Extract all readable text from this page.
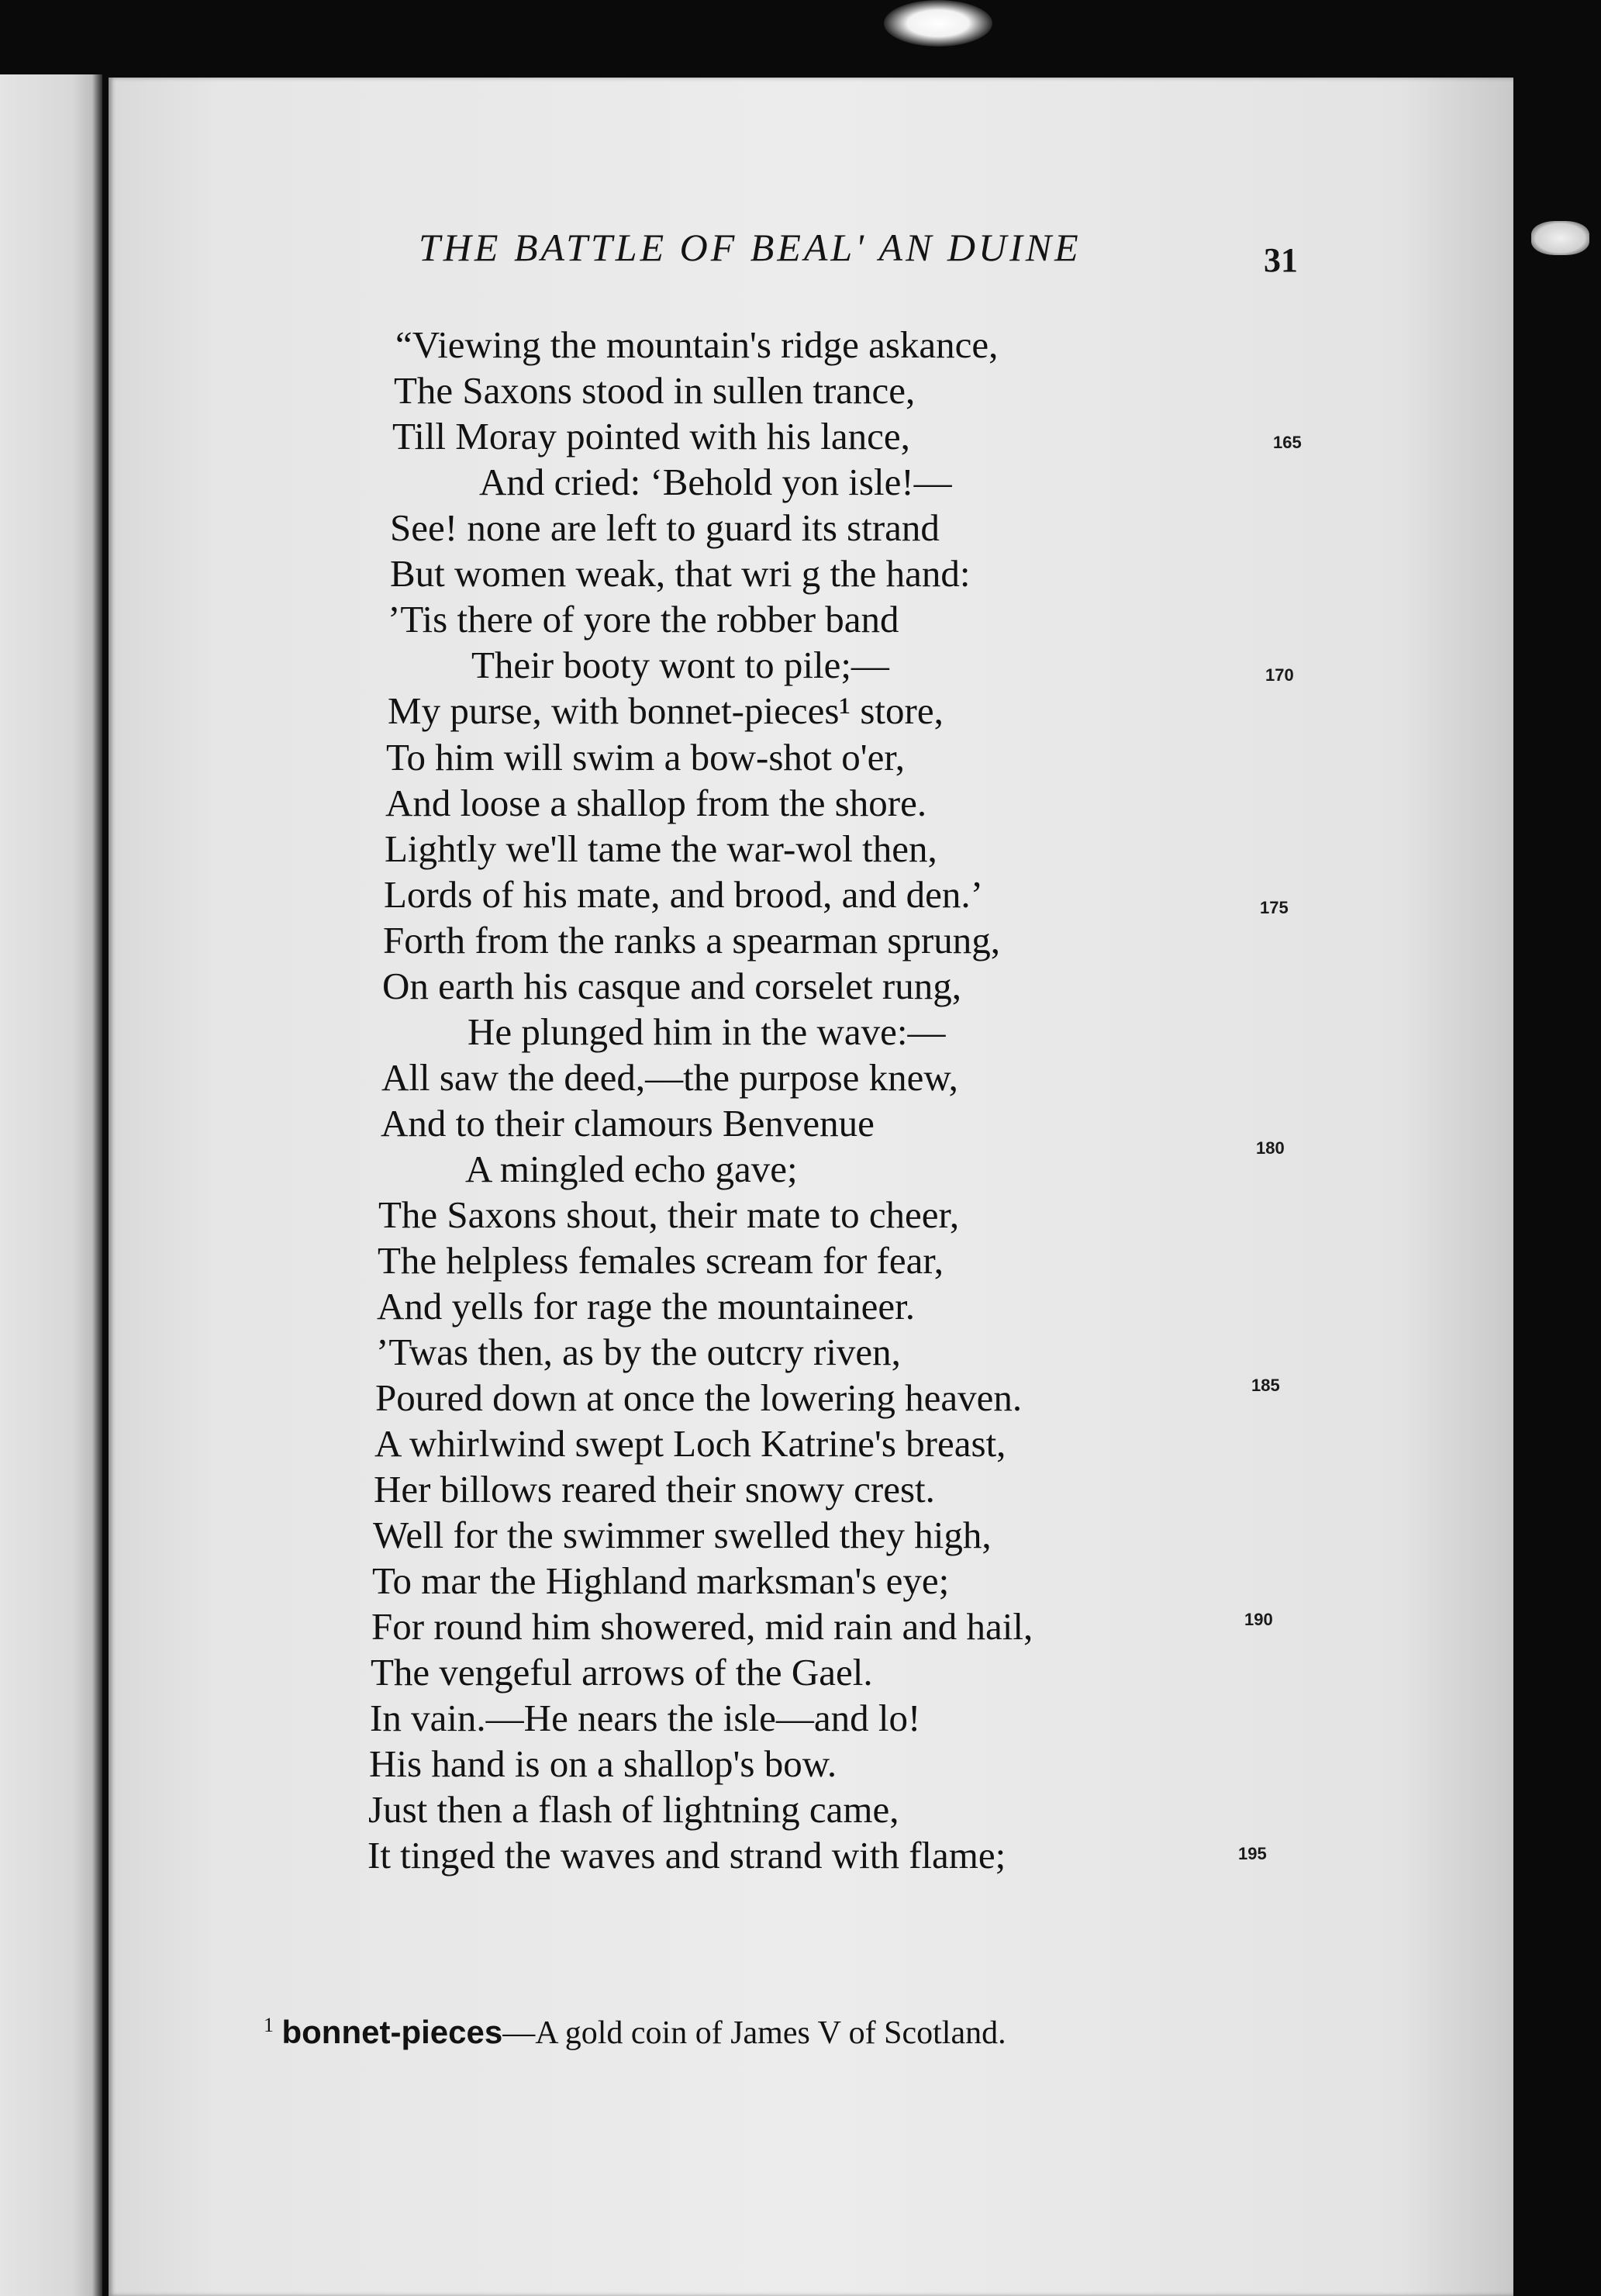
THE BATTLE OF BEAL' AN DUINE	31
“Viewing the mountain's ridge askance,
The Saxons stood in sullen trance,
Till Moray pointed with his lance,
And cried: ‘Behold yon isle!—
See! none are left to guard its strand
But women weak, that wri g the hand:
’Tis there of yore the robber band
Their booty wont to pile;—
My purse, with bonnet-pieces¹ store,
To him will swim a bow-shot o'er,
And loose a shallop from the shore.
Lightly we'll tame the war-wol then,
Lords of his mate, and brood, and den.’
Forth from the ranks a spearman sprung,
On earth his casque and corselet rung,
He plunged him in the wave:—
All saw the deed,—the purpose knew,
And to their clamours Benvenue
A mingled echo gave;
The Saxons shout, their mate to cheer,
The helpless females scream for fear,
And yells for rage the mountaineer.
’Twas then, as by the outcry riven,
Poured down at once the lowering heaven.
A whirlwind swept Loch Katrine's breast,
Her billows reared their snowy crest.
Well for the swimmer swelled they high,
To mar the Highland marksman's eye;
For round him showered, mid rain and hail,
The vengeful arrows of the Gael.
In vain.—He nears the isle—and lo!
His hand is on a shallop's bow.
Just then a flash of lightning came,
It tinged the waves and strand with flame;
165
170
175
180
185
190
195
$^1$ bonnet-pieces—A gold coin of James V of Scotland.
